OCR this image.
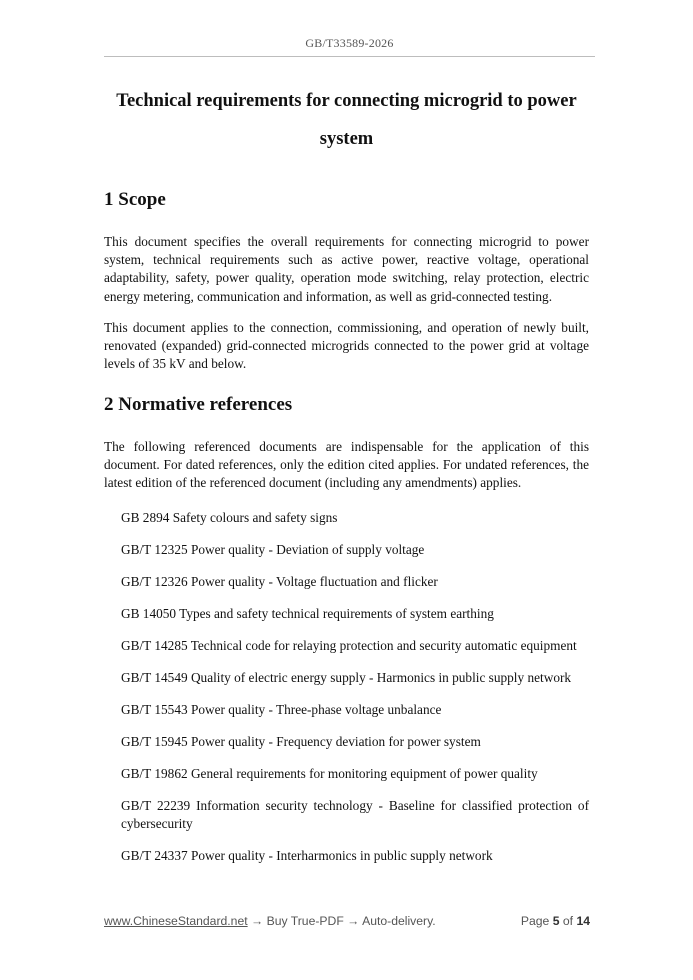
GB/T33589-2026
Technical requirements for connecting microgrid to power
system
1 Scope

This document specifies the overall requirements for connecting microgrid to power system, technical requirements such as active power, reactive voltage, operational adaptability, safety, power quality, operation mode switching, relay protection, electric energy metering, communication and information, as well as grid-connected testing.

This document applies to the connection, commissioning, and operation of newly built, renovated (expanded) grid-connected microgrids connected to the power grid at voltage levels of 35 kV and below.

2 Normative references

The following referenced documents are indispensable for the application of this document. For dated references, only the edition cited applies. For undated references, the latest edition of the referenced document (including any amendments) applies.

GB 2894 Safety colours and safety signs
GB/T 12325 Power quality - Deviation of supply voltage
GB/T 12326 Power quality - Voltage fluctuation and flicker
GB 14050 Types and safety technical requirements of system earthing
GB/T 14285 Technical code for relaying protection and security automatic equipment
GB/T 14549 Quality of electric energy supply - Harmonics in public supply network
GB/T 15543 Power quality - Three-phase voltage unbalance
GB/T 15945 Power quality - Frequency deviation for power system
GB/T 19862 General requirements for monitoring equipment of power quality
GB/T 22239 Information security technology - Baseline for classified protection of cybersecurity
GB/T 24337 Power quality - Interharmonics in public supply network
www.ChineseStandard.net → Buy True-PDF → Auto-delivery.	Page 5 of 14
